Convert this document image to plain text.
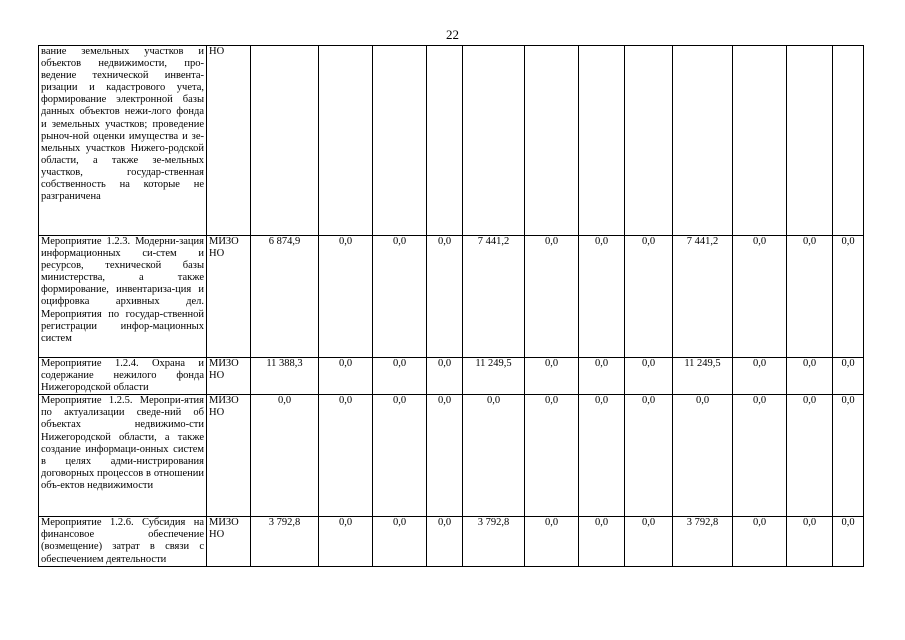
22
вание земельных участков и объектов недвижимости, про-ведение технической инвента-ризации и кадастрового учета, формирование электронной базы данных объектов нежи-лого фонда и земельных участков; проведение рыноч-ной оценки имущества и зе-мельных участков Нижего-родской области, а также зе-мельных участков, государ-ственная собственность на которые не разграничена	НО												
Мероприятие 1.2.3. Модерни-зация информационных си-стем и ресурсов, технической базы министерства, а также формирование, инвентариза-ция и оцифровка архивных дел. Мероприятия по государ-ственной регистрации инфор-мационных систем	МИЗО НО	6 874,9	0,0	0,0	0,0	7 441,2	0,0	0,0	0,0	7 441,2	0,0	0,0	0,0
Мероприятие 1.2.4. Охрана и содержание нежилого фонда Нижегородской области	МИЗО НО	11 388,3	0,0	0,0	0,0	11 249,5	0,0	0,0	0,0	11 249,5	0,0	0,0	0,0
Мероприятие 1.2.5. Меропри-ятия по актуализации сведе-ний об объектах недвижимо-сти Нижегородской области, а также создание информаци-онных систем в целях адми-нистрирования договорных процессов в отношении объ-ектов недвижимости	МИЗО НО	0,0	0,0	0,0	0,0	0,0	0,0	0,0	0,0	0,0	0,0	0,0	0,0
Мероприятие 1.2.6. Субсидия на финансовое обеспечение (возмещение) затрат в связи с обеспечением деятельности	МИЗО НО	3 792,8	0,0	0,0	0,0	3 792,8	0,0	0,0	0,0	3 792,8	0,0	0,0	0,0
